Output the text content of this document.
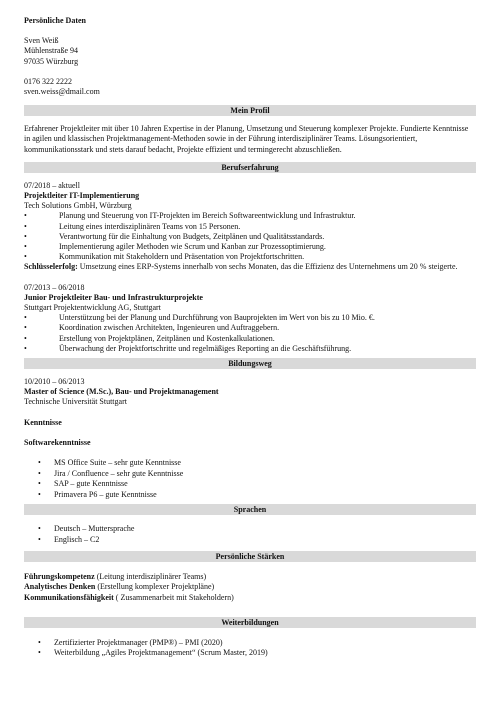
Persönliche Daten

Sven Weiß

Mühlenstraße 94

97035 Würzburg

0176 322 2222

sven.weiss@dmail.com

Mein Profil

Erfahrener Projektleiter mit über 10 Jahren Expertise in der Planung, Umsetzung und Steuerung komplexer Projekte. Fundierte Kenntnisse in agilen und klassischen Projektmanagement-Methoden sowie in der Führung interdisziplinärer Teams. Lösungsorientiert, kommunikationsstark und stets darauf bedacht, Projekte effizient und termingerecht abzuschließen.

Berufserfahrung

07/2018 – aktuell

Projektleiter IT-Implementierung

Tech Solutions GmbH, Würzburg

• Planung und Steuerung von IT-Projekten im Bereich Softwareentwicklung und Infrastruktur.
• Leitung eines interdisziplinären Teams von 15 Personen.
• Verantwortung für die Einhaltung von Budgets, Zeitplänen und Qualitätsstandards.
• Implementierung agiler Methoden wie Scrum und Kanban zur Prozessoptimierung.
• Kommunikation mit Stakeholdern und Präsentation von Projektfortschritten.

Schlüsselerfolg: Umsetzung eines ERP-Systems innerhalb von sechs Monaten, das die Effizienz des Unternehmens um 20 % steigerte.

07/2013 – 06/2018

Junior Projektleiter Bau- und Infrastrukturprojekte

Stuttgart Projektentwicklung AG, Stuttgart

• Unterstützung bei der Planung und Durchführung von Bauprojekten im Wert von bis zu 10 Mio. €.
• Koordination zwischen Architekten, Ingenieuren und Auftraggebern.
• Erstellung von Projektplänen, Zeitplänen und Kostenkalkulationen.
• Überwachung der Projektfortschritte und regelmäßiges Reporting an die Geschäftsführung.
Bildungsweg

10/2010 – 06/2013

Master of Science (M.Sc.), Bau- und Projektmanagement

Technische Universität Stuttgart

Kenntnisse

Softwarekenntnisse

• MS Office Suite – sehr gute Kenntnisse
• Jira / Confluence – sehr gute Kenntnisse
• SAP – gute Kenntnisse
• Primavera P6 – gute Kenntnisse
Sprachen
• Deutsch – Muttersprache
• Englisch – C2
Persönliche Stärken

Führungskompetenz (Leitung interdisziplinärer Teams)

Analytisches Denken (Erstellung komplexer Projektpläne)

Kommunikationsfähigkeit ( Zusammenarbeit mit Stakeholdern)

Weiterbildungen
• Zertifizierter Projektmanager (PMP®) – PMI (2020)
• Weiterbildung „Agiles Projektmanagement“ (Scrum Master, 2019)
